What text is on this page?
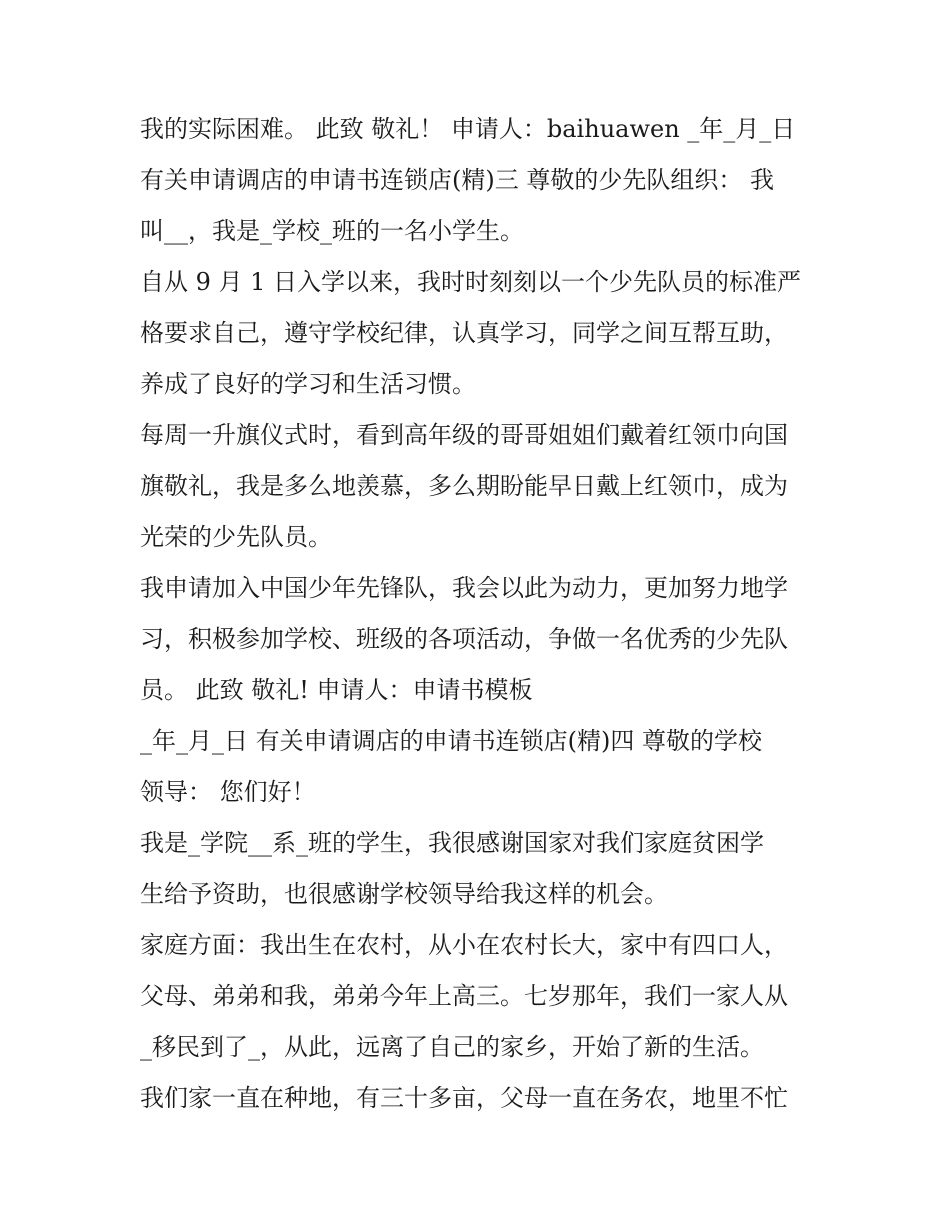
我的实际困难。 此致 敬礼！ 申请人：baihuawen _年_月_日
有关申请调店的申请书连锁店(精)三 尊敬的少先队组织： 我
叫__，我是_学校_班的一名小学生。
自从 9 月 1 日入学以来，我时时刻刻以一个少先队员的标准严
格要求自己，遵守学校纪律，认真学习，同学之间互帮互助，
养成了良好的学习和生活习惯。
每周一升旗仪式时，看到高年级的哥哥姐姐们戴着红领巾向国
旗敬礼，我是多么地羡慕，多么期盼能早日戴上红领巾，成为
光荣的少先队员。
我申请加入中国少年先锋队，我会以此为动力，更加努力地学
习，积极参加学校、班级的各项活动，争做一名优秀的少先队
员。 此致 敬礼! 申请人：申请书模板
_年_月_日 有关申请调店的申请书连锁店(精)四 尊敬的学校
领导： 您们好！
我是_学院__系_班的学生，我很感谢国家对我们家庭贫困学
生给予资助，也很感谢学校领导给我这样的机会。
家庭方面：我出生在农村，从小在农村长大，家中有四口人，
父母、弟弟和我，弟弟今年上高三。七岁那年，我们一家人从
_移民到了_，从此，远离了自己的家乡，开始了新的生活。
我们家一直在种地，有三十多亩，父母一直在务农，地里不忙
